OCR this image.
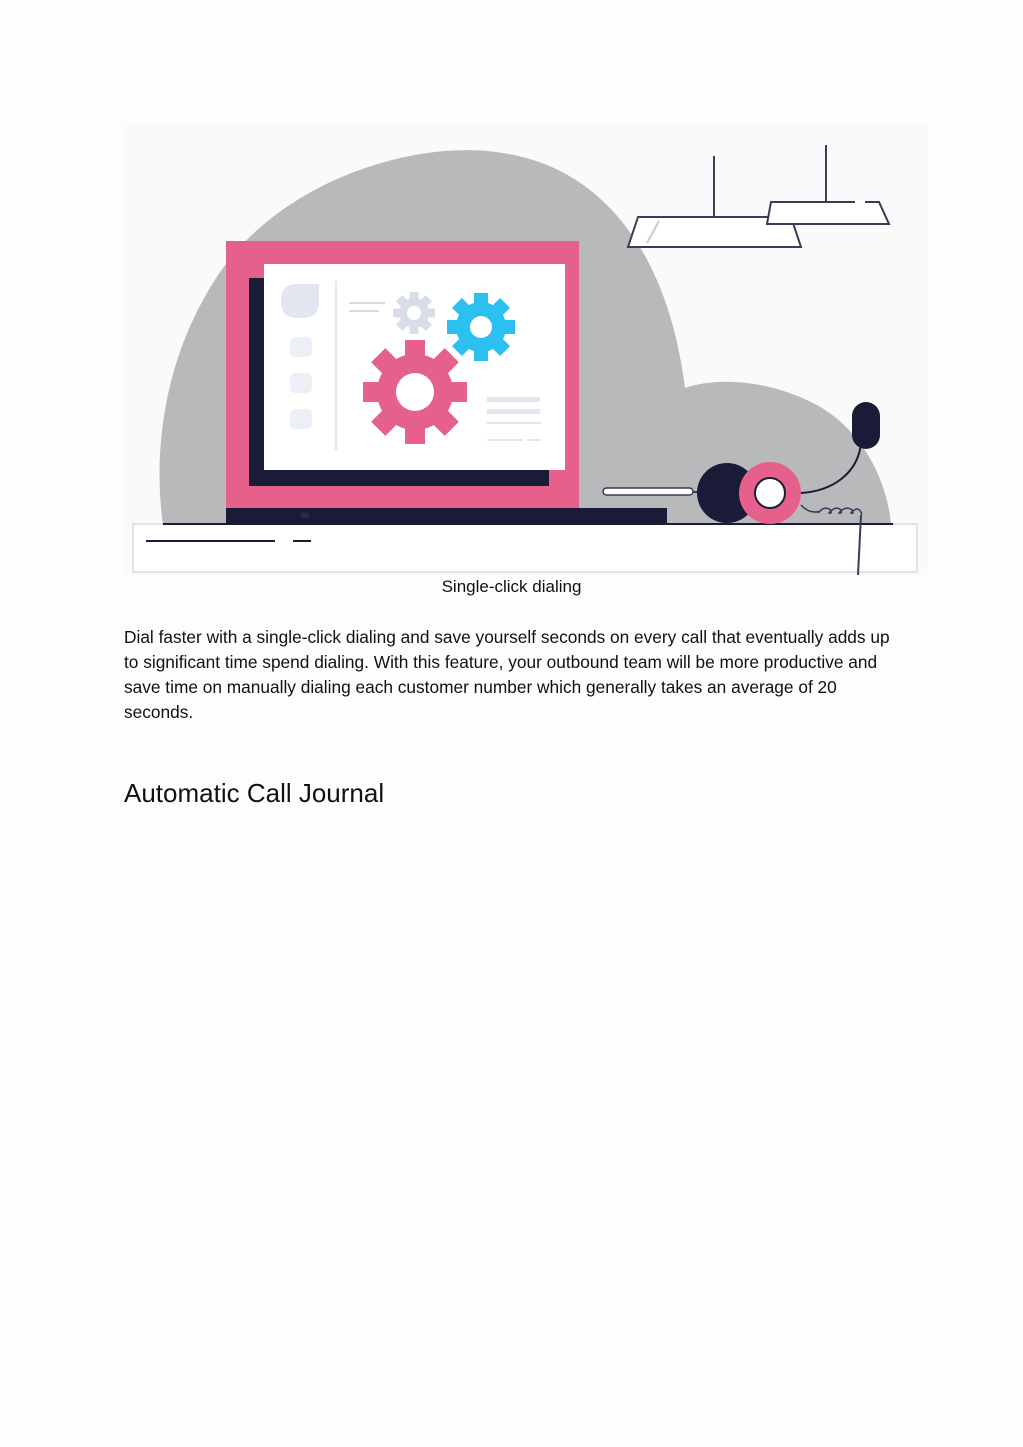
Single-click dialing

Dial faster with a single-click dialing and save yourself seconds on every call that eventually adds up to significant time spend dialing. With this feature, your outbound team will be more productive and save time on manually dialing each customer number which generally takes an average of 20 seconds.

Automatic Call Journal
